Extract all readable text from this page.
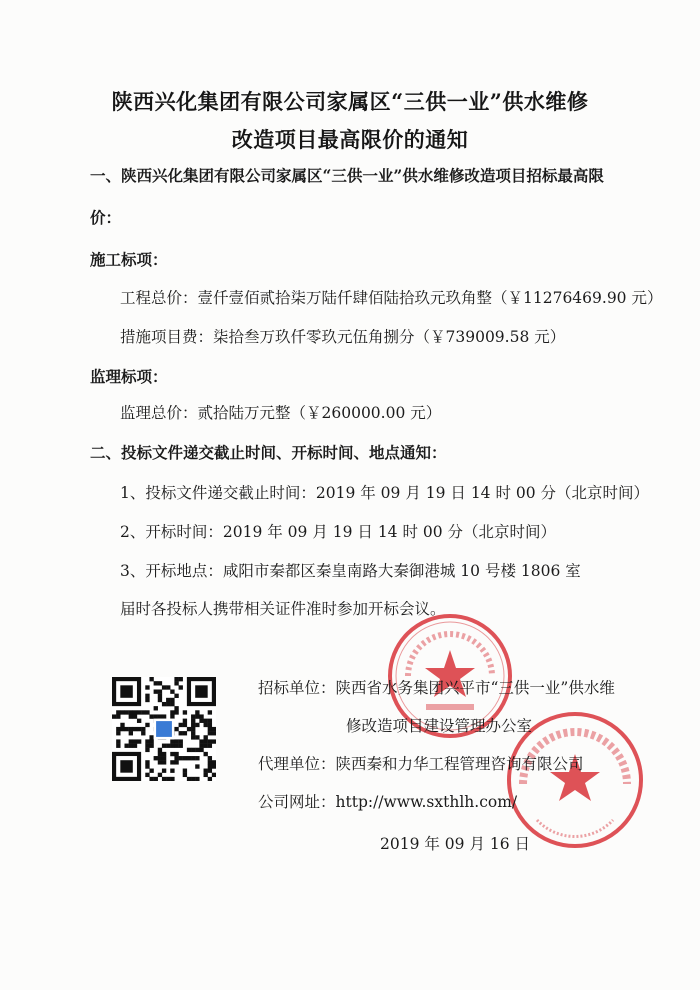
陕西兴化集团有限公司家属区“三供一业”供水维修
改造项目最高限价的通知
一、陕西兴化集团有限公司家属区“三供一业”供水维修改造项目招标最高限
价：
施工标项：
工程总价：壹仟壹佰贰拾柒万陆仟肆佰陆拾玖元玖角整（￥11276469.90 元）
措施项目费：柒拾叁万玖仟零玖元伍角捌分（￥739009.58 元）
监理标项：
监理总价：贰拾陆万元整（￥260000.00 元）
二、投标文件递交截止时间、开标时间、地点通知：
1、投标文件递交截止时间：2019 年 09 月 19 日 14 时 00 分（北京时间）
2、开标时间：2019 年 09 月 19 日 14 时 00 分（北京时间）
3、开标地点：咸阳市秦都区秦皇南路大秦御港城 10 号楼 1806 室
届时各投标人携带相关证件准时参加开标会议。
招标单位：陕西省水务集团兴平市“三供一业”供水维
修改造项目建设管理办公室
代理单位：陕西秦和力华工程管理咨询有限公司
公司网址：http://www.sxthlh.com/
2019 年 09 月 16 日
